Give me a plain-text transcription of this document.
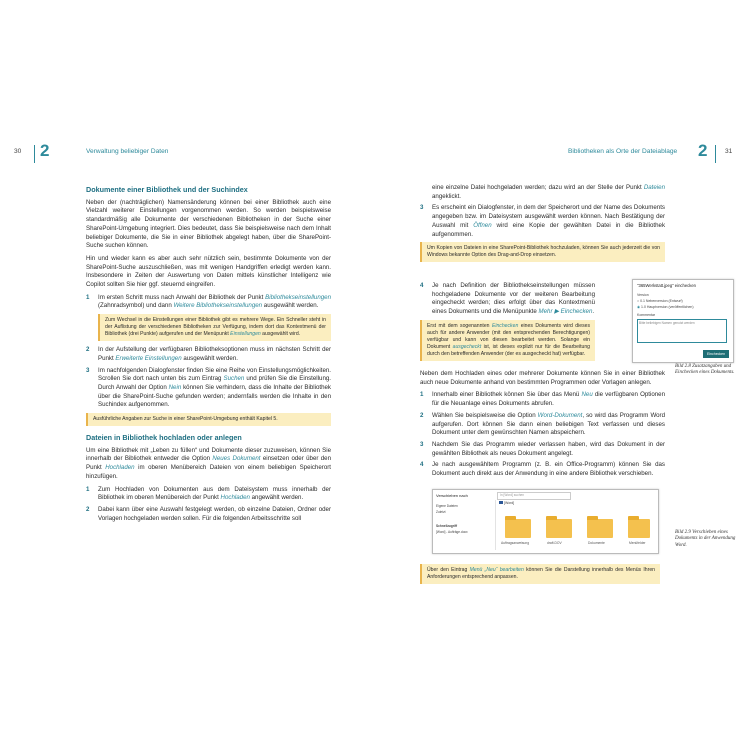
30 2	Verwaltung beliebiger Daten
Dokumente einer Bibliothek und der Suchindex

Neben der (nachträglichen) Namensänderung können bei einer Bibliothek auch eine Vielzahl weiterer Einstellungen vorgenommen werden. So werden beispielsweise standardmäßig alle Dokumente der verschiedenen Bibliotheken in der Suche einer SharePoint-Umgebung integriert. Dies bedeutet, dass Sie beispielsweise nach dem Inhalt beliebiger Dokumente, die Sie in einer Bibliothek abgelegt haben, über die SharePoint-Suche suchen können.

Hin und wieder kann es aber auch sehr nützlich sein, bestimmte Dokumente von der SharePoint-Suche auszuschließen, was mit wenigen Handgriffen erledigt werden kann. Insbesondere in Zeiten der Auswertung von Daten mittels künstlicher Intelligenz wie Copilot sollten Sie hier ggf. steuernd eingreifen.

1	Im ersten Schritt muss nach Anwahl der Bibliothek der Punkt Bibliothekseinstellungen (Zahnradsymbol) und dann Weitere Bibliothekseinstellungen ausgewählt werden.
Zum Wechsel in die Einstellungen einer Bibliothek gibt es mehrere Wege. Ein Schneller steht in der Auflistung der verschiedenen Bibliotheken zur Verfügung, indem dort das Kontextmenü der Bibliothek (drei Punkte) aufgerufen und der Menüpunkt Einstellungen ausgewählt wird.
2	In der Aufstellung der verfügbaren Bibliotheksoptionen muss im nächsten Schritt der Punkt Erweiterte Einstellungen ausgewählt werden.
3	Im nachfolgenden Dialogfenster finden Sie eine Reihe von Einstellungsmöglichkeiten. Scrollen Sie dort nach unten bis zum Eintrag Suchen und prüfen Sie die Einstellung. Durch Anwahl der Option Nein können Sie verhindern, dass die Inhalte der Bibliothek über die SharePoint-Suche gefunden werden; andernfalls werden die Inhalte in den Suchindex aufgenommen.
Ausführliche Angaben zur Suche in einer SharePoint-Umgebung enthält Kapitel 5.
Dateien in Bibliothek hochladen oder anlegen

Um eine Bibliothek mit „Leben zu füllen“ und Dokumente dieser zuzuweisen, können Sie innerhalb der Bibliothek entweder die Option Neues Dokument einsetzen oder über den Punkt Hochladen im oberen Menübereich Dateien von einem beliebigen Speicherort hinzufügen.

1	Zum Hochladen von Dokumenten aus dem Dateisystem muss innerhalb der Bibliothek im oberen Menübereich der Punkt Hochladen angewählt werden.
2	Dabei kann über eine Auswahl festgelegt werden, ob einzelne Dateien, Ordner oder Vorlagen hochgeladen werden sollen. Für die folgenden Arbeitsschritte soll
Bibliotheken als Orte der Dateiablage 2	31
eine einzelne Datei hochgeladen werden; dazu wird an der Stelle der Punkt Dateien angeklickt.
3	Es erscheint ein Dialogfenster, in dem der Speicherort und der Name des Dokuments angegeben bzw. im Dateisystem ausgewählt werden können. Nach Bestätigung der Auswahl mit Öffnen wird eine Kopie der gewählten Datei in die Bibliothek aufgenommen.
Um Kopien von Dateien in eine SharePoint-Bibliothek hochzuladen, können Sie auch jederzeit die von Windows bekannte Option des Drag-and-Drop einsetzen.
4	Je nach Definition der Bibliothekseinstellungen müssen hochgeladene Dokumente vor der weiteren Bearbeitung eingecheckt werden; dies erfolgt über das Kontextmenü eines Dokuments und die Menüpunkte Mehr ▶ Einchecken.
Erst mit dem sogenannten Einchecken eines Dokuments wird dieses auch für andere Anwender (mit den entsprechenden Berechtigungen) verfügbar und kann von diesen bearbeitet werden. Solange ein Dokument ausgecheckt ist, ist dieses explizit nur für die Bearbeitung durch den betreffenden Anwender (der es ausgecheckt hat) verfügbar.
"365Werkstatt.jpeg" einchecken
Version
○ 0.1 Nebenversion (Entwurf)
◉ 1.0 Hauptversion (veröffentlichen)
Kommentar
Bitte beliebigen Namen genutzt werden
Einchecken
Bild 2.8 Zusatzangaben und Einchecken eines Dokuments.

Neben dem Hochladen eines oder mehrerer Dokumente können Sie in einer Bibliothek auch neue Dokumente anhand von bestimmten Programmen oder Vorlagen anlegen.

1	Innerhalb einer Bibliothek können Sie über das Menü Neu die verfügbaren Optionen für die Neuanlage eines Dokuments abrufen.
2	Wählen Sie beispielsweise die Option Word-Dokument, so wird das Programm Word aufgerufen. Dort können Sie dann einen beliebigen Text verfassen und dieses Dokument unter dem gewünschten Namen abspeichern.
3	Nachdem Sie das Programm wieder verlassen haben, wird das Dokument in der gewählten Bibliothek als neues Dokument angelegt.
4	Je nach ausgewähltem Programm (z. B. ein Office-Programm) können Sie das Dokument auch direkt aus der Anwendung in eine andere Bibliothek verschieben.
Verschieben nach	In [Word] suchen
Eigene Dateien
Zuletzt
Schnellzugriff
[Word] - Aufträge.docx
[Word]
Auftragsanweisung	draft.DOV	Dokumente	Menüfelder
Bild 2.9 Verschieben eines Dokuments in der Anwendung Word.
Über den Eintrag Menü „Neu“ bearbeiten können Sie die Darstellung innerhalb des Menüs Ihren Anforderungen entsprechend anpassen.
